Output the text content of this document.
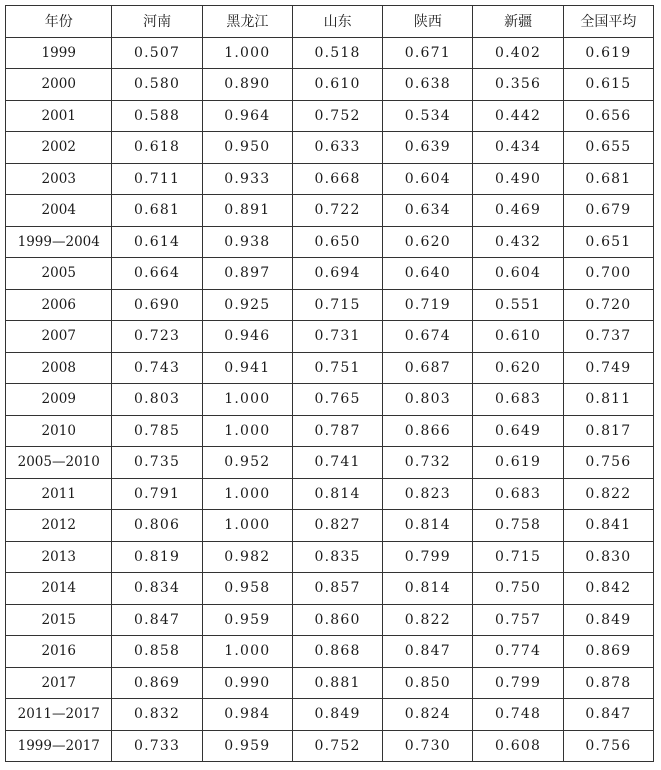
年份	河南	黑龙江	山东	陕西	新疆	全国平均
1999	0.507	1.000	0.518	0.671	0.402	0.619
2000	0.580	0.890	0.610	0.638	0.356	0.615
2001	0.588	0.964	0.752	0.534	0.442	0.656
2002	0.618	0.950	0.633	0.639	0.434	0.655
2003	0.711	0.933	0.668	0.604	0.490	0.681
2004	0.681	0.891	0.722	0.634	0.469	0.679
1999—2004	0.614	0.938	0.650	0.620	0.432	0.651
2005	0.664	0.897	0.694	0.640	0.604	0.700
2006	0.690	0.925	0.715	0.719	0.551	0.720
2007	0.723	0.946	0.731	0.674	0.610	0.737
2008	0.743	0.941	0.751	0.687	0.620	0.749
2009	0.803	1.000	0.765	0.803	0.683	0.811
2010	0.785	1.000	0.787	0.866	0.649	0.817
2005—2010	0.735	0.952	0.741	0.732	0.619	0.756
2011	0.791	1.000	0.814	0.823	0.683	0.822
2012	0.806	1.000	0.827	0.814	0.758	0.841
2013	0.819	0.982	0.835	0.799	0.715	0.830
2014	0.834	0.958	0.857	0.814	0.750	0.842
2015	0.847	0.959	0.860	0.822	0.757	0.849
2016	0.858	1.000	0.868	0.847	0.774	0.869
2017	0.869	0.990	0.881	0.850	0.799	0.878
2011—2017	0.832	0.984	0.849	0.824	0.748	0.847
1999—2017	0.733	0.959	0.752	0.730	0.608	0.756
